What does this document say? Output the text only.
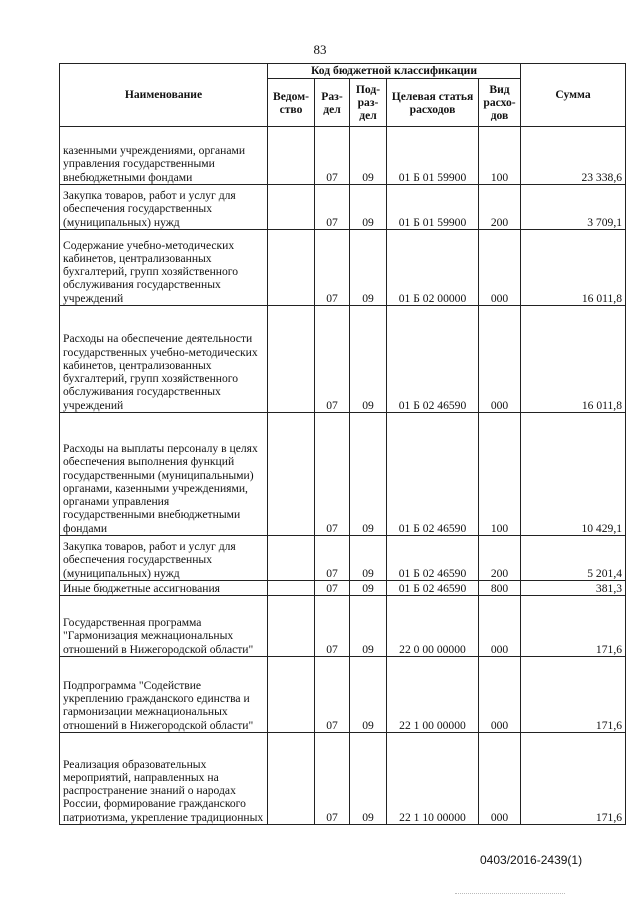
83
Наименование	Код бюджетной классификации					Сумма
	Ведом-ство	Раз-дел	Под-раз-дел	Целевая статья расходов	Вид расхо-дов	
казенными учреждениями, органами управления государственными внебюджетными фондами		07	09	01 Б 01 59900	100	23 338,6
Закупка товаров, работ и услуг для обеспечения государственных (муниципальных) нужд		07	09	01 Б 01 59900	200	3 709,1
Содержание учебно-методических кабинетов, централизованных бухгалтерий, групп хозяйственного обслуживания государственных учреждений		07	09	01 Б 02 00000	000	16 011,8
Расходы на обеспечение деятельности государственных учебно-методических кабинетов, централизованных бухгалтерий, групп хозяйственного обслуживания государственных учреждений		07	09	01 Б 02 46590	000	16 011,8
Расходы на выплаты персоналу в целях обеспечения выполнения функций государственными (муниципальными) органами, казенными учреждениями, органами управления государственными внебюджетными фондами		07	09	01 Б 02 46590	100	10 429,1
Закупка товаров, работ и услуг для обеспечения государственных (муниципальных) нужд		07	09	01 Б 02 46590	200	5 201,4
Иные бюджетные ассигнования		07	09	01 Б 02 46590	800	381,3
Государственная программа "Гармонизация межнациональных отношений в Нижегородской области"		07	09	22 0 00 00000	000	171,6
Подпрограмма "Содействие укреплению гражданского единства и гармонизации межнациональных отношений в Нижегородской области"		07	09	22 1 00 00000	000	171,6
Реализация образовательных мероприятий, направленных на распространение знаний о народах России, формирование гражданского патриотизма, укрепление традиционных		07	09	22 1 10 00000	000	171,6
0403/2016-2439(1)
